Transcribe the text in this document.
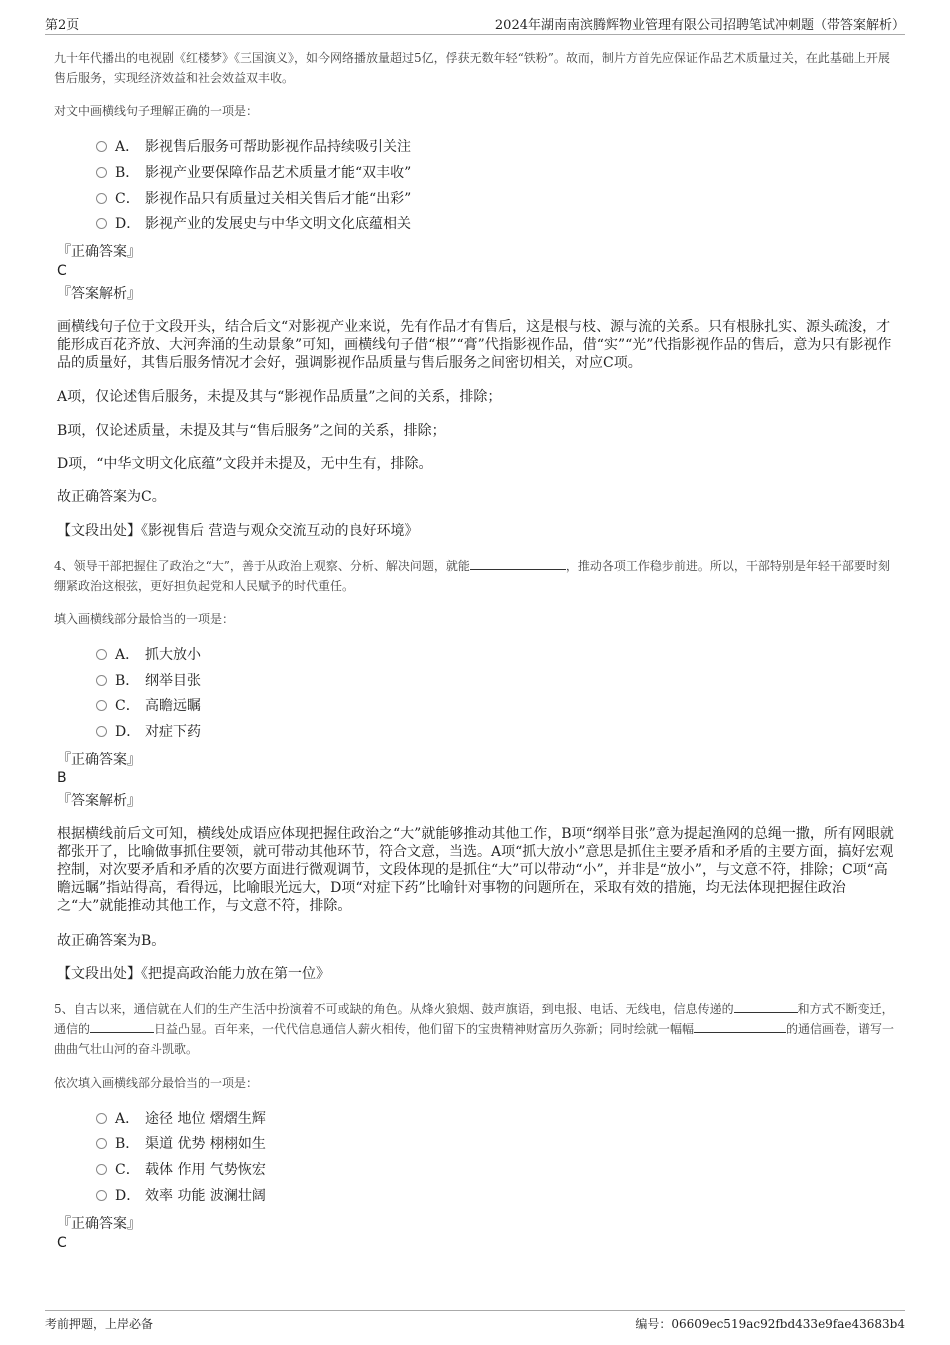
第2页	2024年湖南南滨腾辉物业管理有限公司招聘笔试冲刺题（带答案解析）
九十年代播出的电视剧《红楼梦》《三国演义》，如今网络播放量超过5亿，俘获无数年轻“铁粉”。故而，制片方首先应保证作品艺术质量过关，在此基础上开展售后服务，实现经济效益和社会效益双丰收。
对文中画横线句子理解正确的一项是：
A． 影视售后服务可帮助影视作品持续吸引关注
B． 影视产业要保障作品艺术质量才能“双丰收”
C． 影视作品只有质量过关相关售后才能“出彩”
D． 影视产业的发展史与中华文明文化底蕴相关
『正确答案』
C
『答案解析』
画横线句子位于文段开头，结合后文“对影视产业来说，先有作品才有售后，这是根与枝、源与流的关系。只有根脉扎实、源头疏浚，才能形成百花齐放、大河奔涌的生动景象”可知，画横线句子借“根”“膏”代指影视作品，借“实”“光”代指影视作品的售后，意为只有影视作品的质量好，其售后服务情况才会好，强调影视作品质量与售后服务之间密切相关，对应C项。
A项，仅论述售后服务，未提及其与“影视作品质量”之间的关系，排除；
B项，仅论述质量，未提及其与“售后服务”之间的关系，排除；
D项，“中华文明文化底蕴”文段并未提及，无中生有，排除。
故正确答案为C。
【文段出处】《影视售后 营造与观众交流互动的良好环境》
4、领导干部把握住了政治之“大”，善于从政治上观察、分析、解决问题，就能	，推动各项工作稳步前进。所以，干部特别是年轻干部要时刻绷紧政治这根弦，更好担负起党和人民赋予的时代重任。
填入画横线部分最恰当的一项是：
A． 抓大放小
B． 纲举目张
C． 高瞻远瞩
D． 对症下药
『正确答案』
B
『答案解析』
根据横线前后文可知，横线处成语应体现把握住政治之“大”就能够推动其他工作，B项“纲举目张”意为提起渔网的总绳一撒，所有网眼就都张开了，比喻做事抓住要领，就可带动其他环节，符合文意，当选。A项“抓大放小”意思是抓住主要矛盾和矛盾的主要方面，搞好宏观控制，对次要矛盾和矛盾的次要方面进行微观调节，文段体现的是抓住“大”可以带动“小”，并非是“放小”，与文意不符，排除；C项“高瞻远瞩”指站得高，看得远，比喻眼光远大，D项“对症下药”比喻针对事物的问题所在，采取有效的措施，均无法体现把握住政治之“大”就能推动其他工作，与文意不符，排除。
故正确答案为B。
【文段出处】《把提高政治能力放在第一位》
5、自古以来，通信就在人们的生产生活中扮演着不可或缺的角色。从烽火狼烟、鼓声旗语，到电报、电话、无线电，信息传递的	和方式不断变迁，通信的	日益凸显。百年来，一代代信息通信人薪火相传，他们留下的宝贵精神财富历久弥新；同时绘就一幅幅	的通信画卷，谱写一曲曲气壮山河的奋斗凯歌。
依次填入画横线部分最恰当的一项是：
A． 途径 地位 熠熠生辉
B． 渠道 优势 栩栩如生
C． 载体 作用 气势恢宏
D． 效率 功能 波澜壮阔
『正确答案』
C
考前押题，上岸必备	编号：06609ec519ac92fbd433e9fae43683b4
